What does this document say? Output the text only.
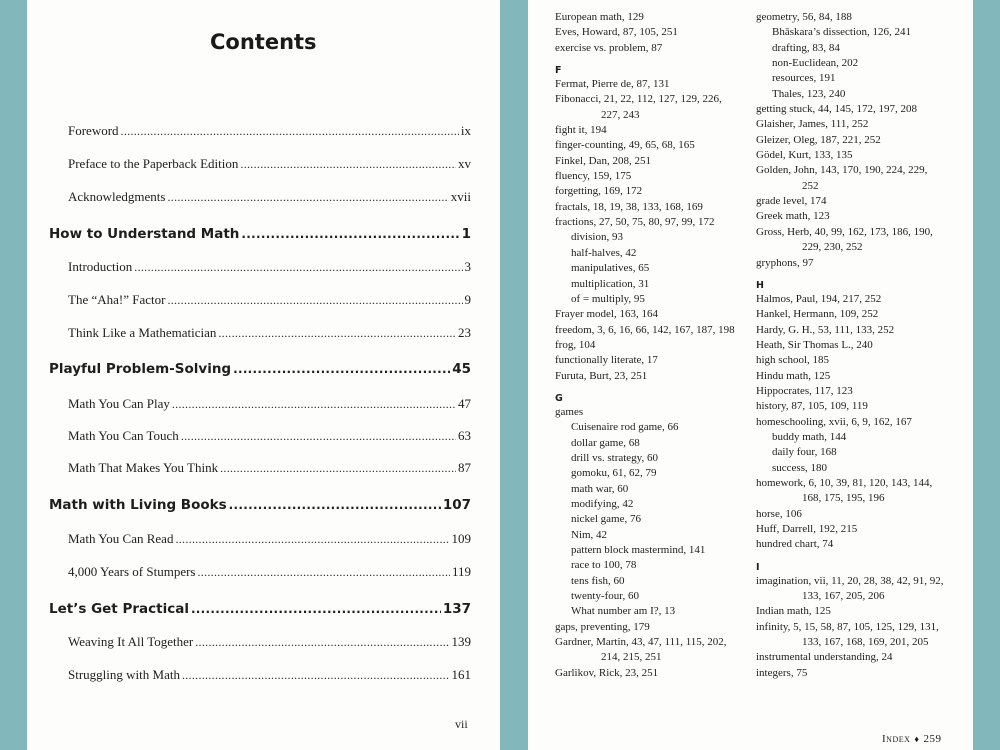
Contents
Foreword .....	ix
Preface to the Paperback Edition .....	xv
Acknowledgments .....	xvii
How to Understand Math .....	1
Introduction .....	3
The “Aha!” Factor .....	9
Think Like a Mathematician .....	23
Playful Problem-Solving .....	45
Math You Can Play .....	47
Math You Can Touch .....	63
Math That Makes You Think .....	87
Math with Living Books .....	107
Math You Can Read .....	109
4,000 Years of Stumpers .....	119
Let’s Get Practical .....	137
Weaving It All Together .....	139
Struggling with Math .....	161
vii
European math, 129
Eves, Howard, 87, 105, 251
exercise vs. problem, 87
F
Fermat, Pierre de, 87, 131
Fibonacci, 21, 22, 112, 127, 129, 226,
227, 243
fight it, 194
finger-counting, 49, 65, 68, 165
Finkel, Dan, 208, 251
fluency, 159, 175
forgetting, 169, 172
fractals, 18, 19, 38, 133, 168, 169
fractions, 27, 50, 75, 80, 97, 99, 172
division, 93
half-halves, 42
manipulatives, 65
multiplication, 31
of = multiply, 95
Frayer model, 163, 164
freedom, 3, 6, 16, 66, 142, 167, 187, 198
frog, 104
functionally literate, 17
Furuta, Burt, 23, 251
G
games
Cuisenaire rod game, 66
dollar game, 68
drill vs. strategy, 60
gomoku, 61, 62, 79
math war, 60
modifying, 42
nickel game, 76
Nim, 42
pattern block mastermind, 141
race to 100, 78
tens fish, 60
twenty-four, 60
What number am I?, 13
gaps, preventing, 179
Gardner, Martin, 43, 47, 111, 115, 202,
214, 215, 251
Garlikov, Rick, 23, 251
geometry, 56, 84, 188
Bhāskara’s dissection, 126, 241
drafting, 83, 84
non-Euclidean, 202
resources, 191
Thales, 123, 240
getting stuck, 44, 145, 172, 197, 208
Glaisher, James, 111, 252
Gleizer, Oleg, 187, 221, 252
Gödel, Kurt, 133, 135
Golden, John, 143, 170, 190, 224, 229,
252
grade level, 174
Greek math, 123
Gross, Herb, 40, 99, 162, 173, 186, 190,
229, 230, 252
gryphons, 97
H
Halmos, Paul, 194, 217, 252
Hankel, Hermann, 109, 252
Hardy, G. H., 53, 111, 133, 252
Heath, Sir Thomas L., 240
high school, 185
Hindu math, 125
Hippocrates, 117, 123
history, 87, 105, 109, 119
homeschooling, xvii, 6, 9, 162, 167
buddy math, 144
daily four, 168
success, 180
homework, 6, 10, 39, 81, 120, 143, 144,
168, 175, 195, 196
horse, 106
Huff, Darrell, 192, 215
hundred chart, 74
I
imagination, vii, 11, 20, 28, 38, 42, 91, 92,
133, 167, 205, 206
Indian math, 125
infinity, 5, 15, 58, 87, 105, 125, 129, 131,
133, 167, 168, 169, 201, 205
instrumental understanding, 24
integers, 75
Index ♦ 259
